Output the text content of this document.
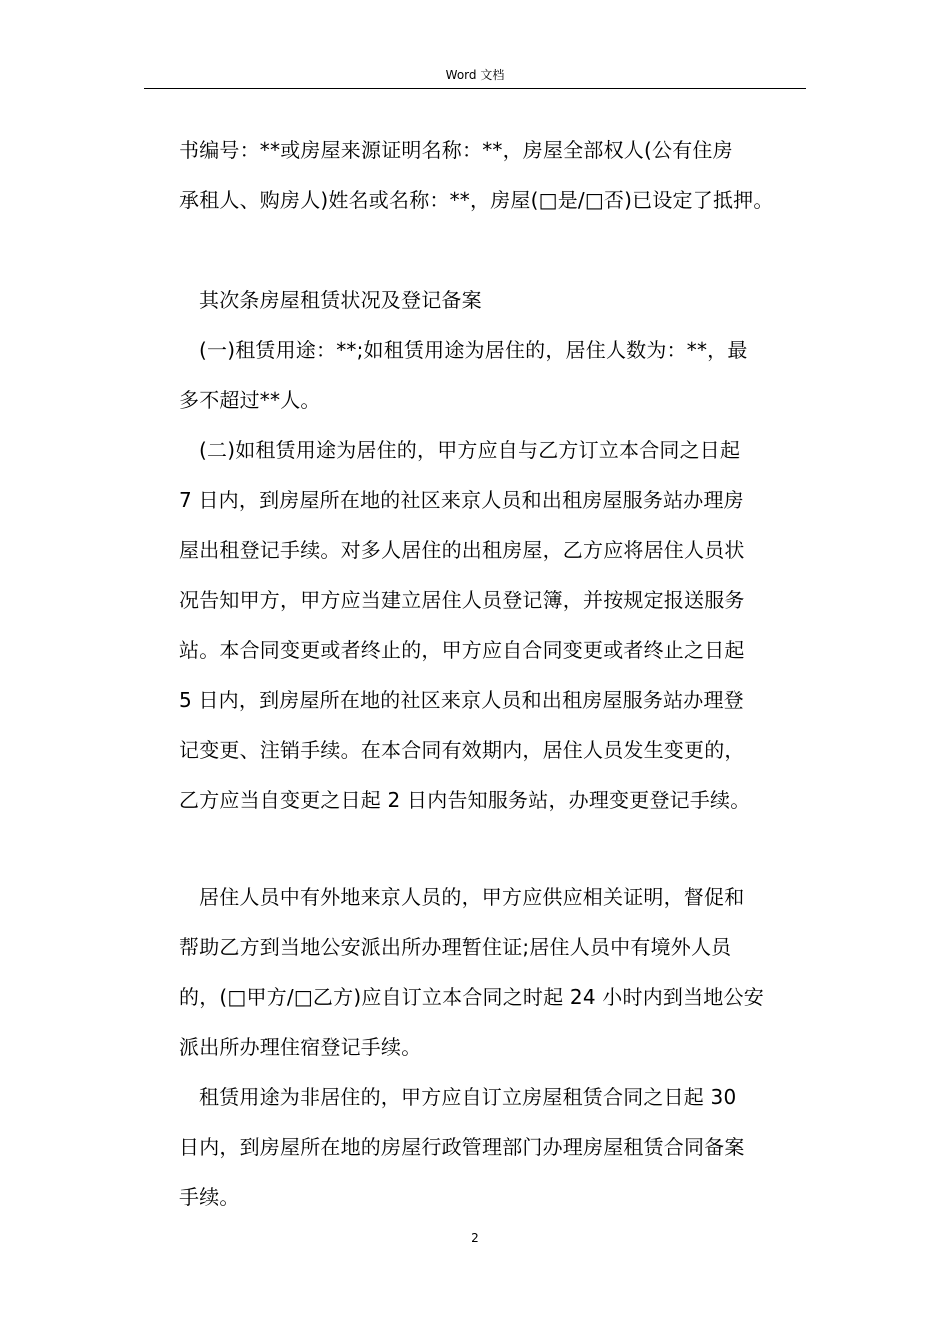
Word 文档
书编号：**或房屋来源证明名称：**，房屋全部权人(公有住房
承租人、购房人)姓名或名称：**，房屋(□是/□否)已设定了抵押。
其次条房屋租赁状况及登记备案
(一)租赁用途：**;如租赁用途为居住的，居住人数为：**，最
多不超过**人。
(二)如租赁用途为居住的，甲方应自与乙方订立本合同之日起
7 日内，到房屋所在地的社区来京人员和出租房屋服务站办理房
屋出租登记手续。对多人居住的出租房屋，乙方应将居住人员状
况告知甲方，甲方应当建立居住人员登记簿，并按规定报送服务
站。本合同变更或者终止的，甲方应自合同变更或者终止之日起
5 日内，到房屋所在地的社区来京人员和出租房屋服务站办理登
记变更、注销手续。在本合同有效期内，居住人员发生变更的，
乙方应当自变更之日起 2 日内告知服务站，办理变更登记手续。
居住人员中有外地来京人员的，甲方应供应相关证明，督促和
帮助乙方到当地公安派出所办理暂住证;居住人员中有境外人员
的，(□甲方/□乙方)应自订立本合同之时起 24 小时内到当地公安
派出所办理住宿登记手续。
租赁用途为非居住的，甲方应自订立房屋租赁合同之日起 30
日内，到房屋所在地的房屋行政管理部门办理房屋租赁合同备案
手续。
2
